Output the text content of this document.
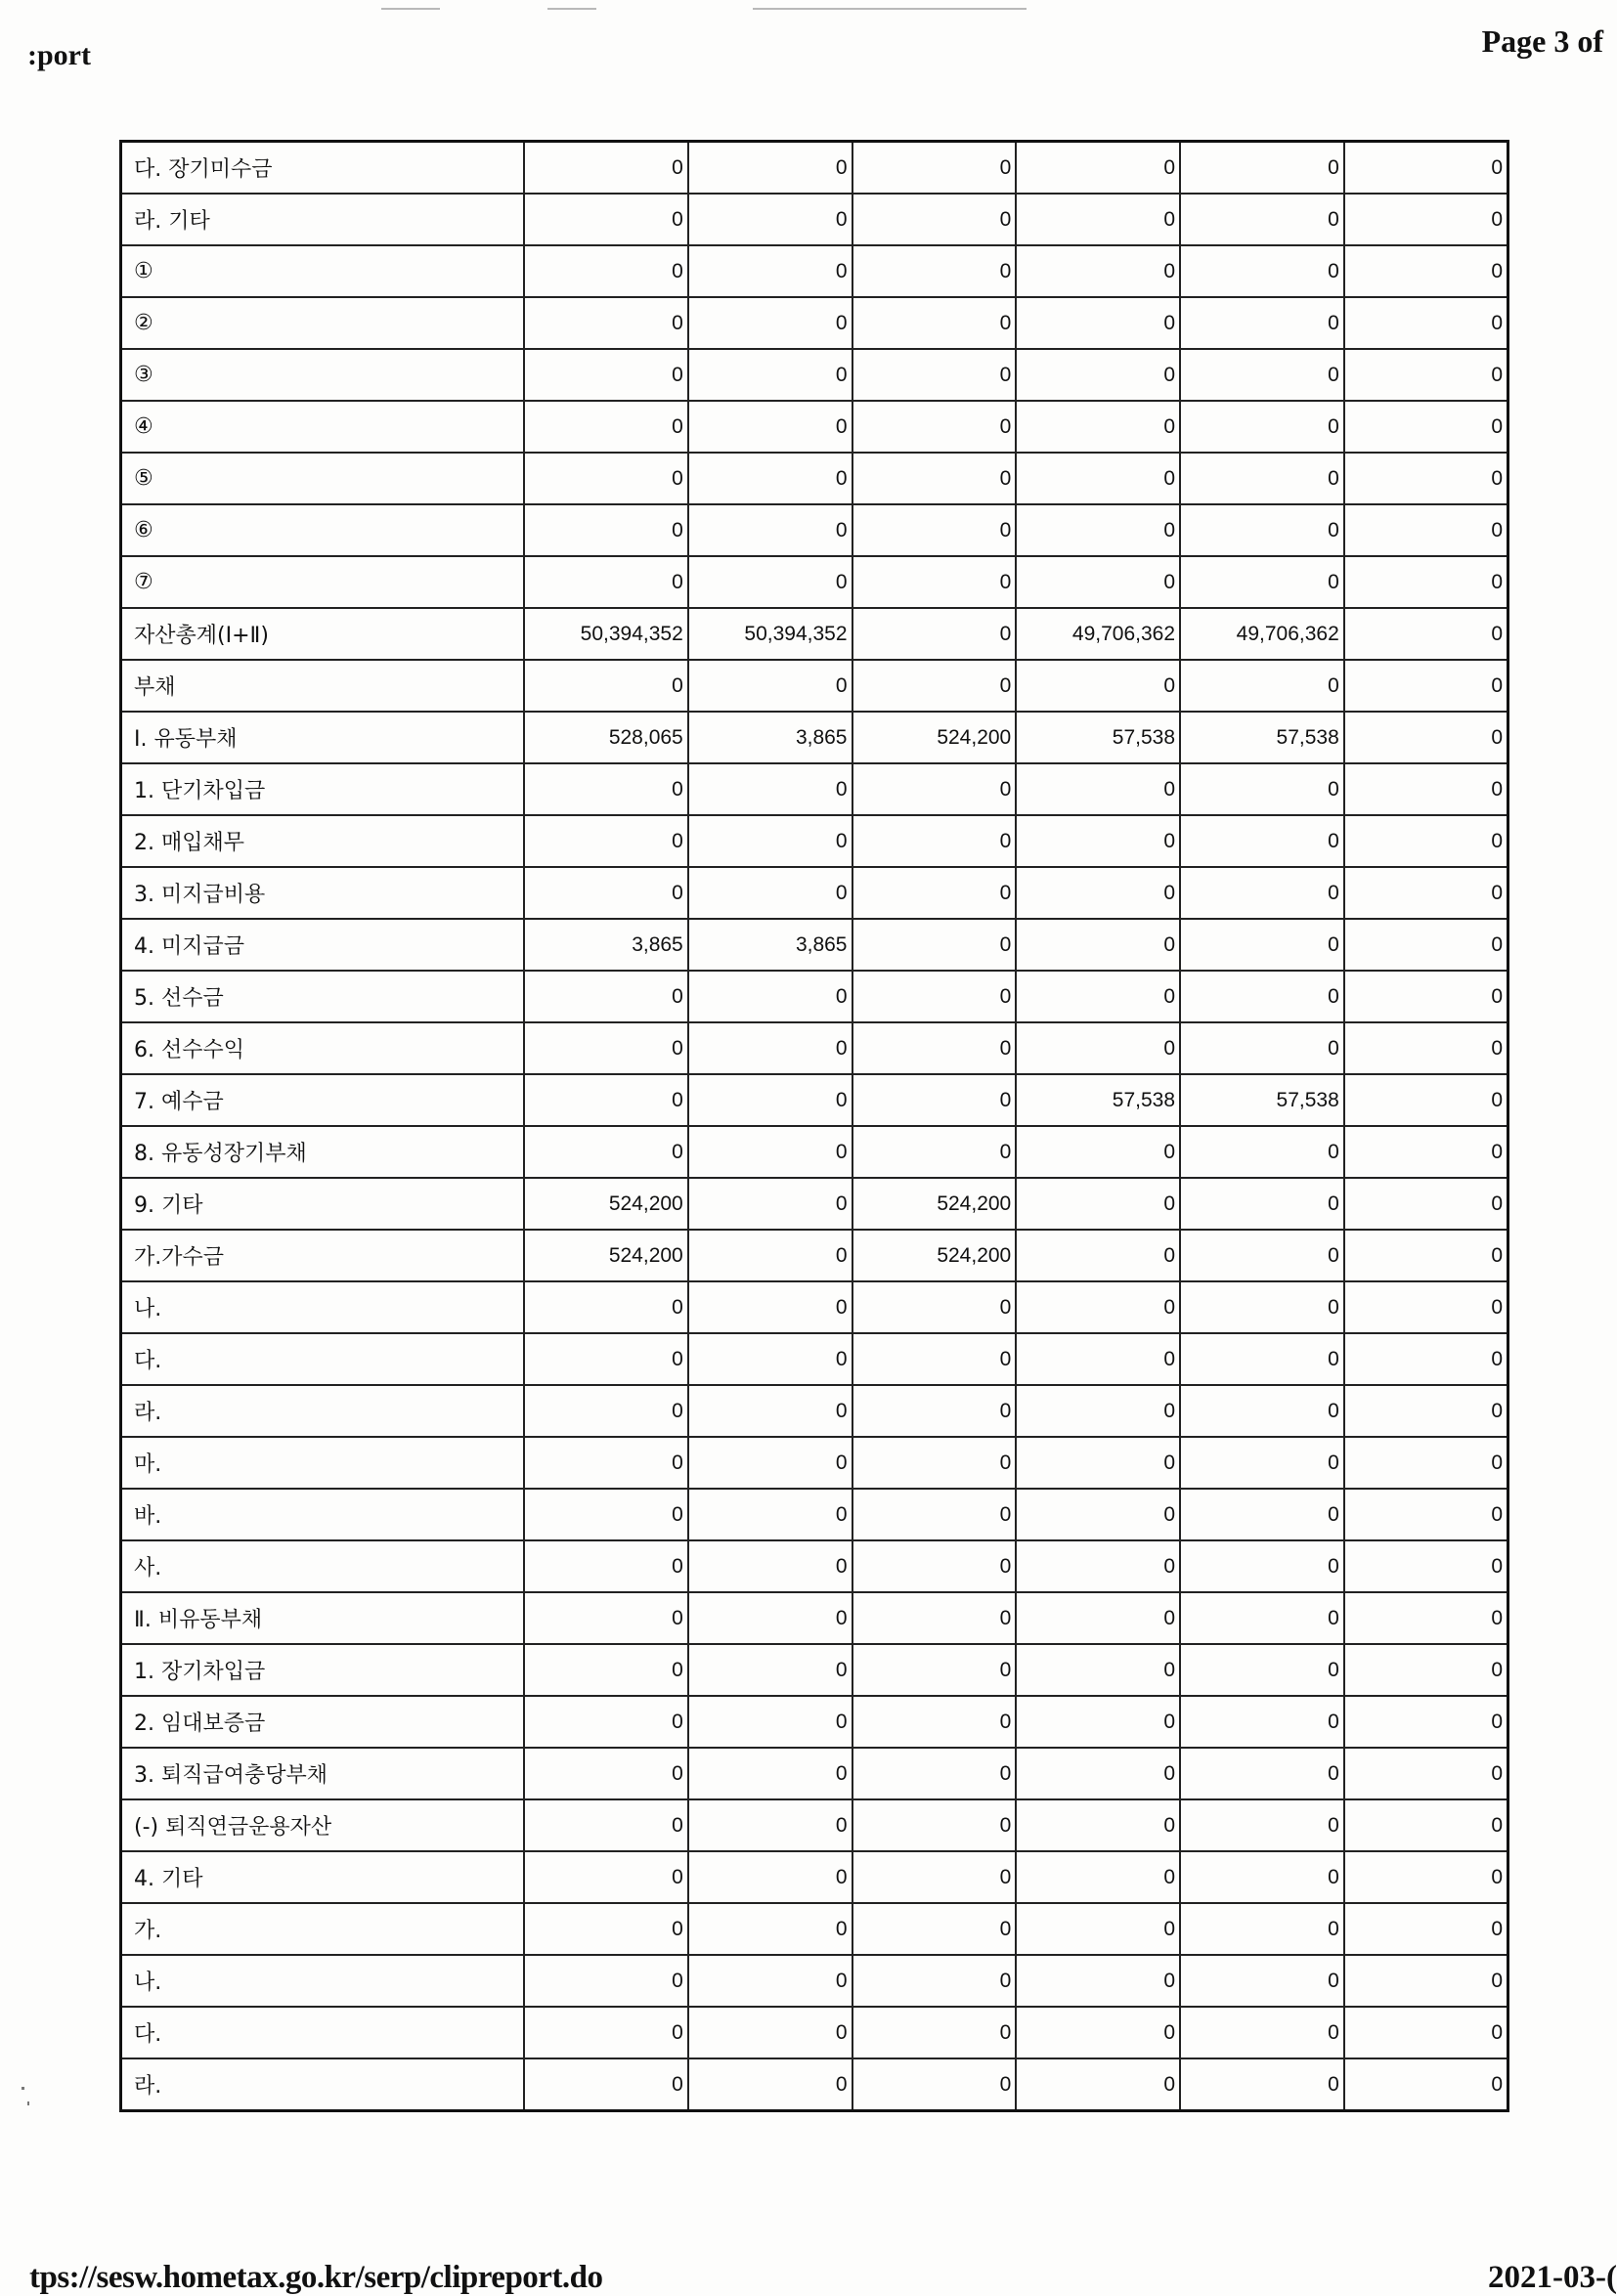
:port	Page 3 of
다. 장기미수금	0	0	0	0	0	0
라. 기타	0	0	0	0	0	0
①	0	0	0	0	0	0
②	0	0	0	0	0	0
③	0	0	0	0	0	0
④	0	0	0	0	0	0
⑤	0	0	0	0	0	0
⑥	0	0	0	0	0	0
⑦	0	0	0	0	0	0
자산총계(Ⅰ+Ⅱ)	50,394,352	50,394,352	0	49,706,362	49,706,362	0
부채	0	0	0	0	0	0
Ⅰ. 유동부채	528,065	3,865	524,200	57,538	57,538	0
1. 단기차입금	0	0	0	0	0	0
2. 매입채무	0	0	0	0	0	0
3. 미지급비용	0	0	0	0	0	0
4. 미지급금	3,865	3,865	0	0	0	0
5. 선수금	0	0	0	0	0	0
6. 선수수익	0	0	0	0	0	0
7. 예수금	0	0	0	57,538	57,538	0
8. 유동성장기부채	0	0	0	0	0	0
9. 기타	524,200	0	524,200	0	0	0
가.가수금	524,200	0	524,200	0	0	0
나.	0	0	0	0	0	0
다.	0	0	0	0	0	0
라.	0	0	0	0	0	0
마.	0	0	0	0	0	0
바.	0	0	0	0	0	0
사.	0	0	0	0	0	0
Ⅱ. 비유동부채	0	0	0	0	0	0
1. 장기차입금	0	0	0	0	0	0
2. 임대보증금	0	0	0	0	0	0
3. 퇴직급여충당부채	0	0	0	0	0	0
(-) 퇴직연금운용자산	0	0	0	0	0	0
4. 기타	0	0	0	0	0	0
가.	0	0	0	0	0	0
나.	0	0	0	0	0	0
다.	0	0	0	0	0	0
라.	0	0	0	0	0	0
tps://sesw.hometax.go.kr/serp/clipreport.do	2021-03-(
